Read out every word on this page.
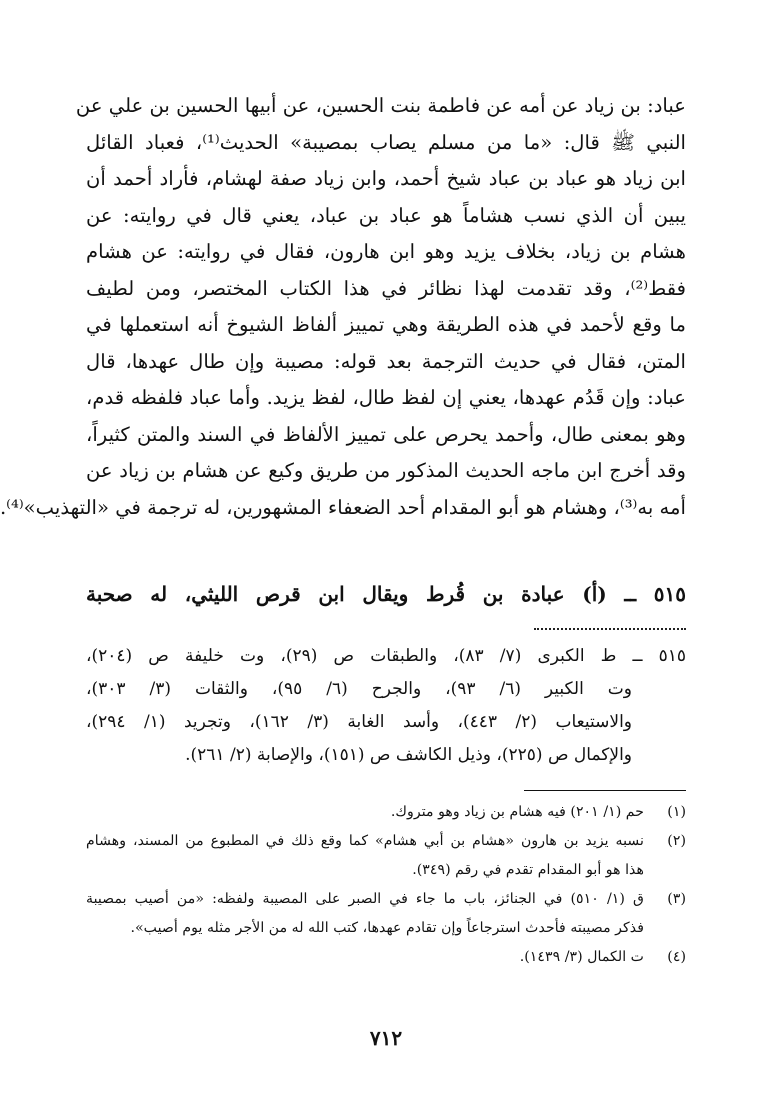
عباد: بن زياد عن أمه عن فاطمة بنت الحسين، عن أبيها الحسين بن علي عن
النبي ﷺ قال: «ما من مسلم يصاب بمصيبة» الحديث⁽¹⁾، فعباد القائل
ابن زياد هو عباد بن عباد شيخ أحمد، وابن زياد صفة لهشام، فأراد أحمد أن
يبين أن الذي نسب هشاماً هو عباد بن عباد، يعني قال في روايته: عن
هشام بن زياد، بخلاف يزيد وهو ابن هارون، فقال في روايته: عن هشام
فقط⁽²⁾، وقد تقدمت لهذا نظائر في هذا الكتاب المختصر، ومن لطيف
ما وقع لأحمد في هذه الطريقة وهي تمييز ألفاظ الشيوخ أنه استعملها في
المتن، فقال في حديث الترجمة بعد قوله: مصيبة وإن طال عهدها، قال
عباد: وإن قَدُم عهدها، يعني إن لفظ طال، لفظ يزيد. وأما عباد فلفظه قدم،
وهو بمعنى طال، وأحمد يحرص على تمييز الألفاظ في السند والمتن كثيراً،
وقد أخرج ابن ماجه الحديث المذكور من طريق وكيع عن هشام بن زياد عن
أمه به⁽³⁾، وهشام هو أبو المقدام أحد الضعفاء المشهورين، له ترجمة في «التهذيب»⁽⁴⁾.
٥١٥ ــ (أ) عبادة بن قُرط ويقال ابن قرص الليثي، له صحبة
٥١٥ ــ ط الكبرى (٧/ ٨٣)، والطبقات ص (٢٩)، وت خليفة ص (٢٠٤)،
وت الكبير (٦/ ٩٣)، والجرح (٦/ ٩٥)، والثقات (٣/ ٣٠٣)،
والاستيعاب (٢/ ٤٤٣)، وأسد الغابة (٣/ ١٦٢)، وتجريد (١/ ٢٩٤)،
والإكمال ص (٢٢٥)، وذيل الكاشف ص (١٥١)، والإصابة (٢/ ٢٦١).
(١)
حم (١/ ٢٠١) فيه هشام بن زياد وهو متروك.
(٢)
نسبه يزيد بن هارون «هشام بن أبي هشام» كما وقع ذلك في المطبوع من المسند، وهشام
هذا هو أبو المقدام تقدم في رقم (٣٤٩).
(٣)
ق (١/ ٥١٠) في الجنائز، باب ما جاء في الصبر على المصيبة ولفظه: «من أصيب بمصيبة
فذكر مصيبته فأحدث استرجاعاً وإن تقادم عهدها، كتب الله له من الأجر مثله يوم أصيب».
(٤)
ت الكمال (٣/ ١٤٣٩).
٧١٢
